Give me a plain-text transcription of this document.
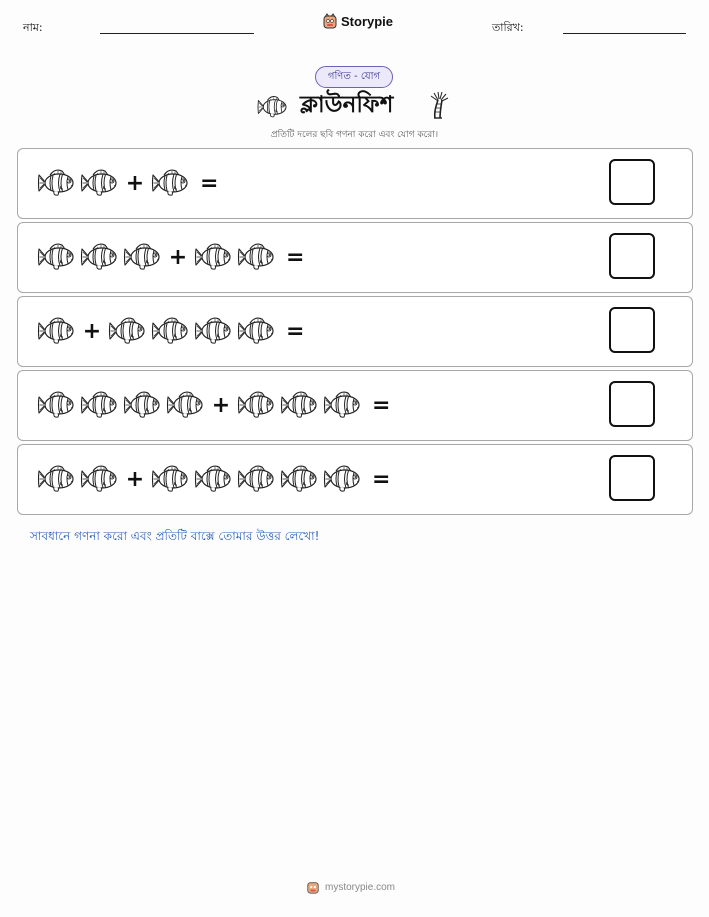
নাম:	Storypie	তারিখ:
গণিত - যোগ
ক্লাউনফিশ
প্রতিটি দলের ছবি গণনা করো এবং যোগ করো।
+	=
+	=
+	=
+	=
+	=
সাবধানে গণনা করো এবং প্রতিটি বাক্সে তোমার উত্তর লেখো!
mystorypie.com
